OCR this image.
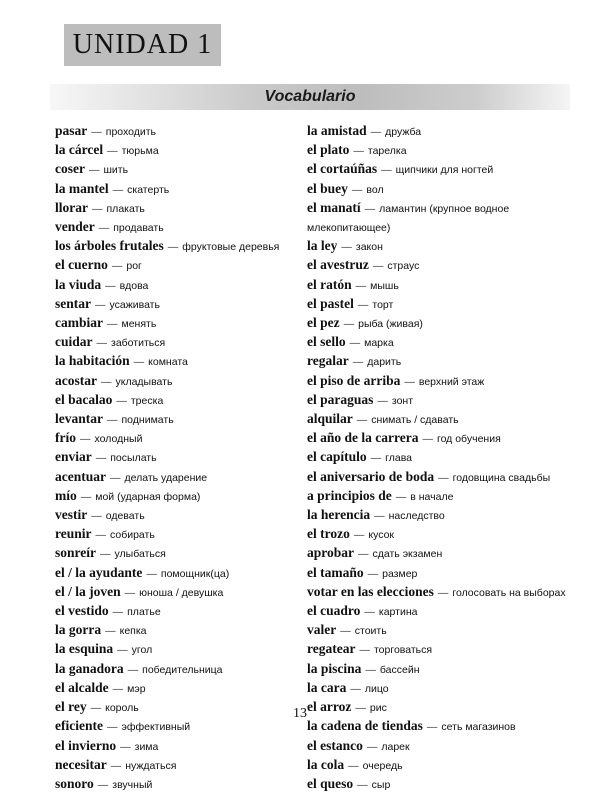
UNIDAD 1
Vocabulario
pasar — проходить
la cárcel — тюрьма
coser — шить
la mantel — скатерть
llorar — плакать
vender — продавать
los árboles frutales — фруктовые деревья
el cuerno — рог
la viuda — вдова
sentar — усаживать
cambiar — менять
cuidar — заботиться
la habitación — комната
acostar — укладывать
el bacalao — треска
levantar — поднимать
frío — холодный
enviar — посылать
acentuar — делать ударение
mío — мой (ударная форма)
vestir — одевать
reunir — собирать
sonreír — улыбаться
el / la ayudante — помощник(ца)
el / la joven — юноша / девушка
el vestido — платье
la gorra — кепка
la esquina — угол
la ganadora — победительница
el alcalde — мэр
el rey — король
eficiente — эффективный
el invierno — зима
necesitar — нуждаться
sonoro — звучный
la amistad — дружба
el plato — тарелка
el cortaúñas — щипчики для ногтей
el buey — вол
el manatí — ламантин (крупное водное млекопитающее)
la ley — закон
el avestruz — страус
el ratón — мышь
el pastel — торт
el pez — рыба (живая)
el sello — марка
regalar — дарить
el piso de arriba — верхний этаж
el paraguas — зонт
alquilar — снимать / сдавать
el año de la carrera — год обучения
el capítulo — глава
el aniversario de boda — годовщина свадьбы
a principios de — в начале
la herencia — наследство
el trozo — кусок
aprobar — сдать экзамен
el tamaño — размер
votar en las elecciones — голосовать на выборах
el cuadro — картина
valer — стоить
regatear — торговаться
la piscina — бассейн
la cara — лицо
el arroz — рис
la cadena de tiendas — сеть магазинов
el estanco — ларек
la cola — очередь
el queso — сыр
13
